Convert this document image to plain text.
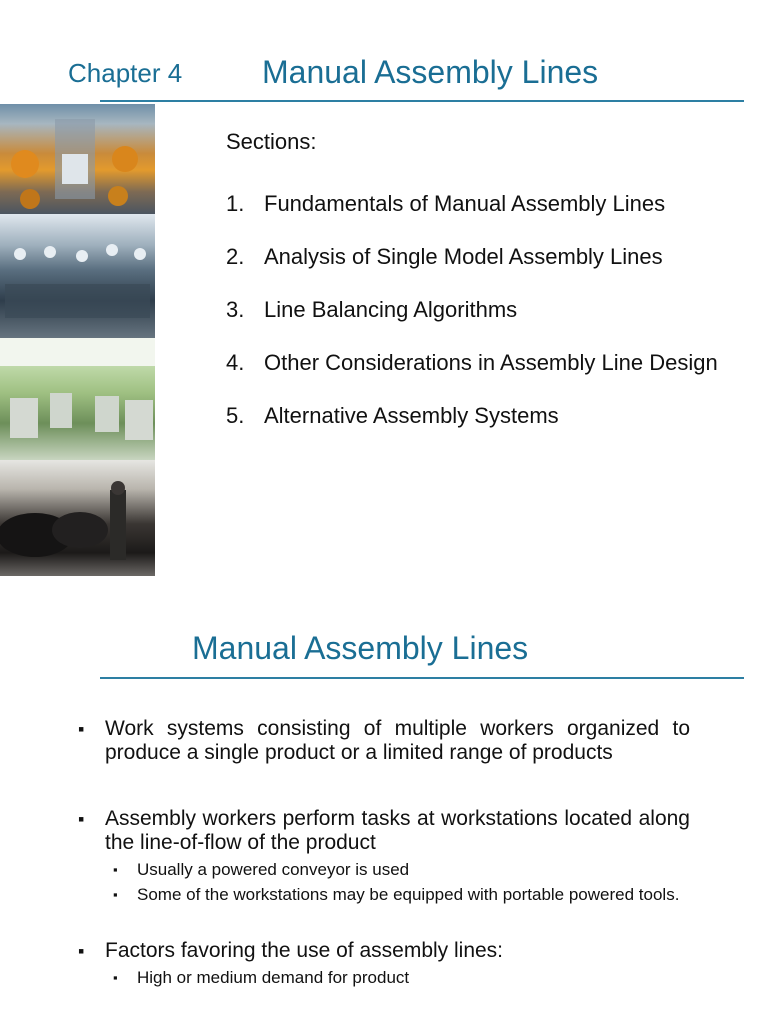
Chapter 4 Manual Assembly Lines
Sections:
1. Fundamentals of Manual Assembly Lines
2. Analysis of Single Model Assembly Lines
3. Line Balancing Algorithms
4. Other Considerations in Assembly Line Design
5. Alternative Assembly Systems
Manual Assembly Lines
▪ Work systems consisting of multiple workers organized to produce a single product or a limited range of products
▪ Assembly workers perform tasks at workstations located along the line-of-flow of the product
▪ Usually a powered conveyor is used
▪ Some of the workstations may be equipped with portable powered tools.
▪ Factors favoring the use of assembly lines:
▪ High or medium demand for product
